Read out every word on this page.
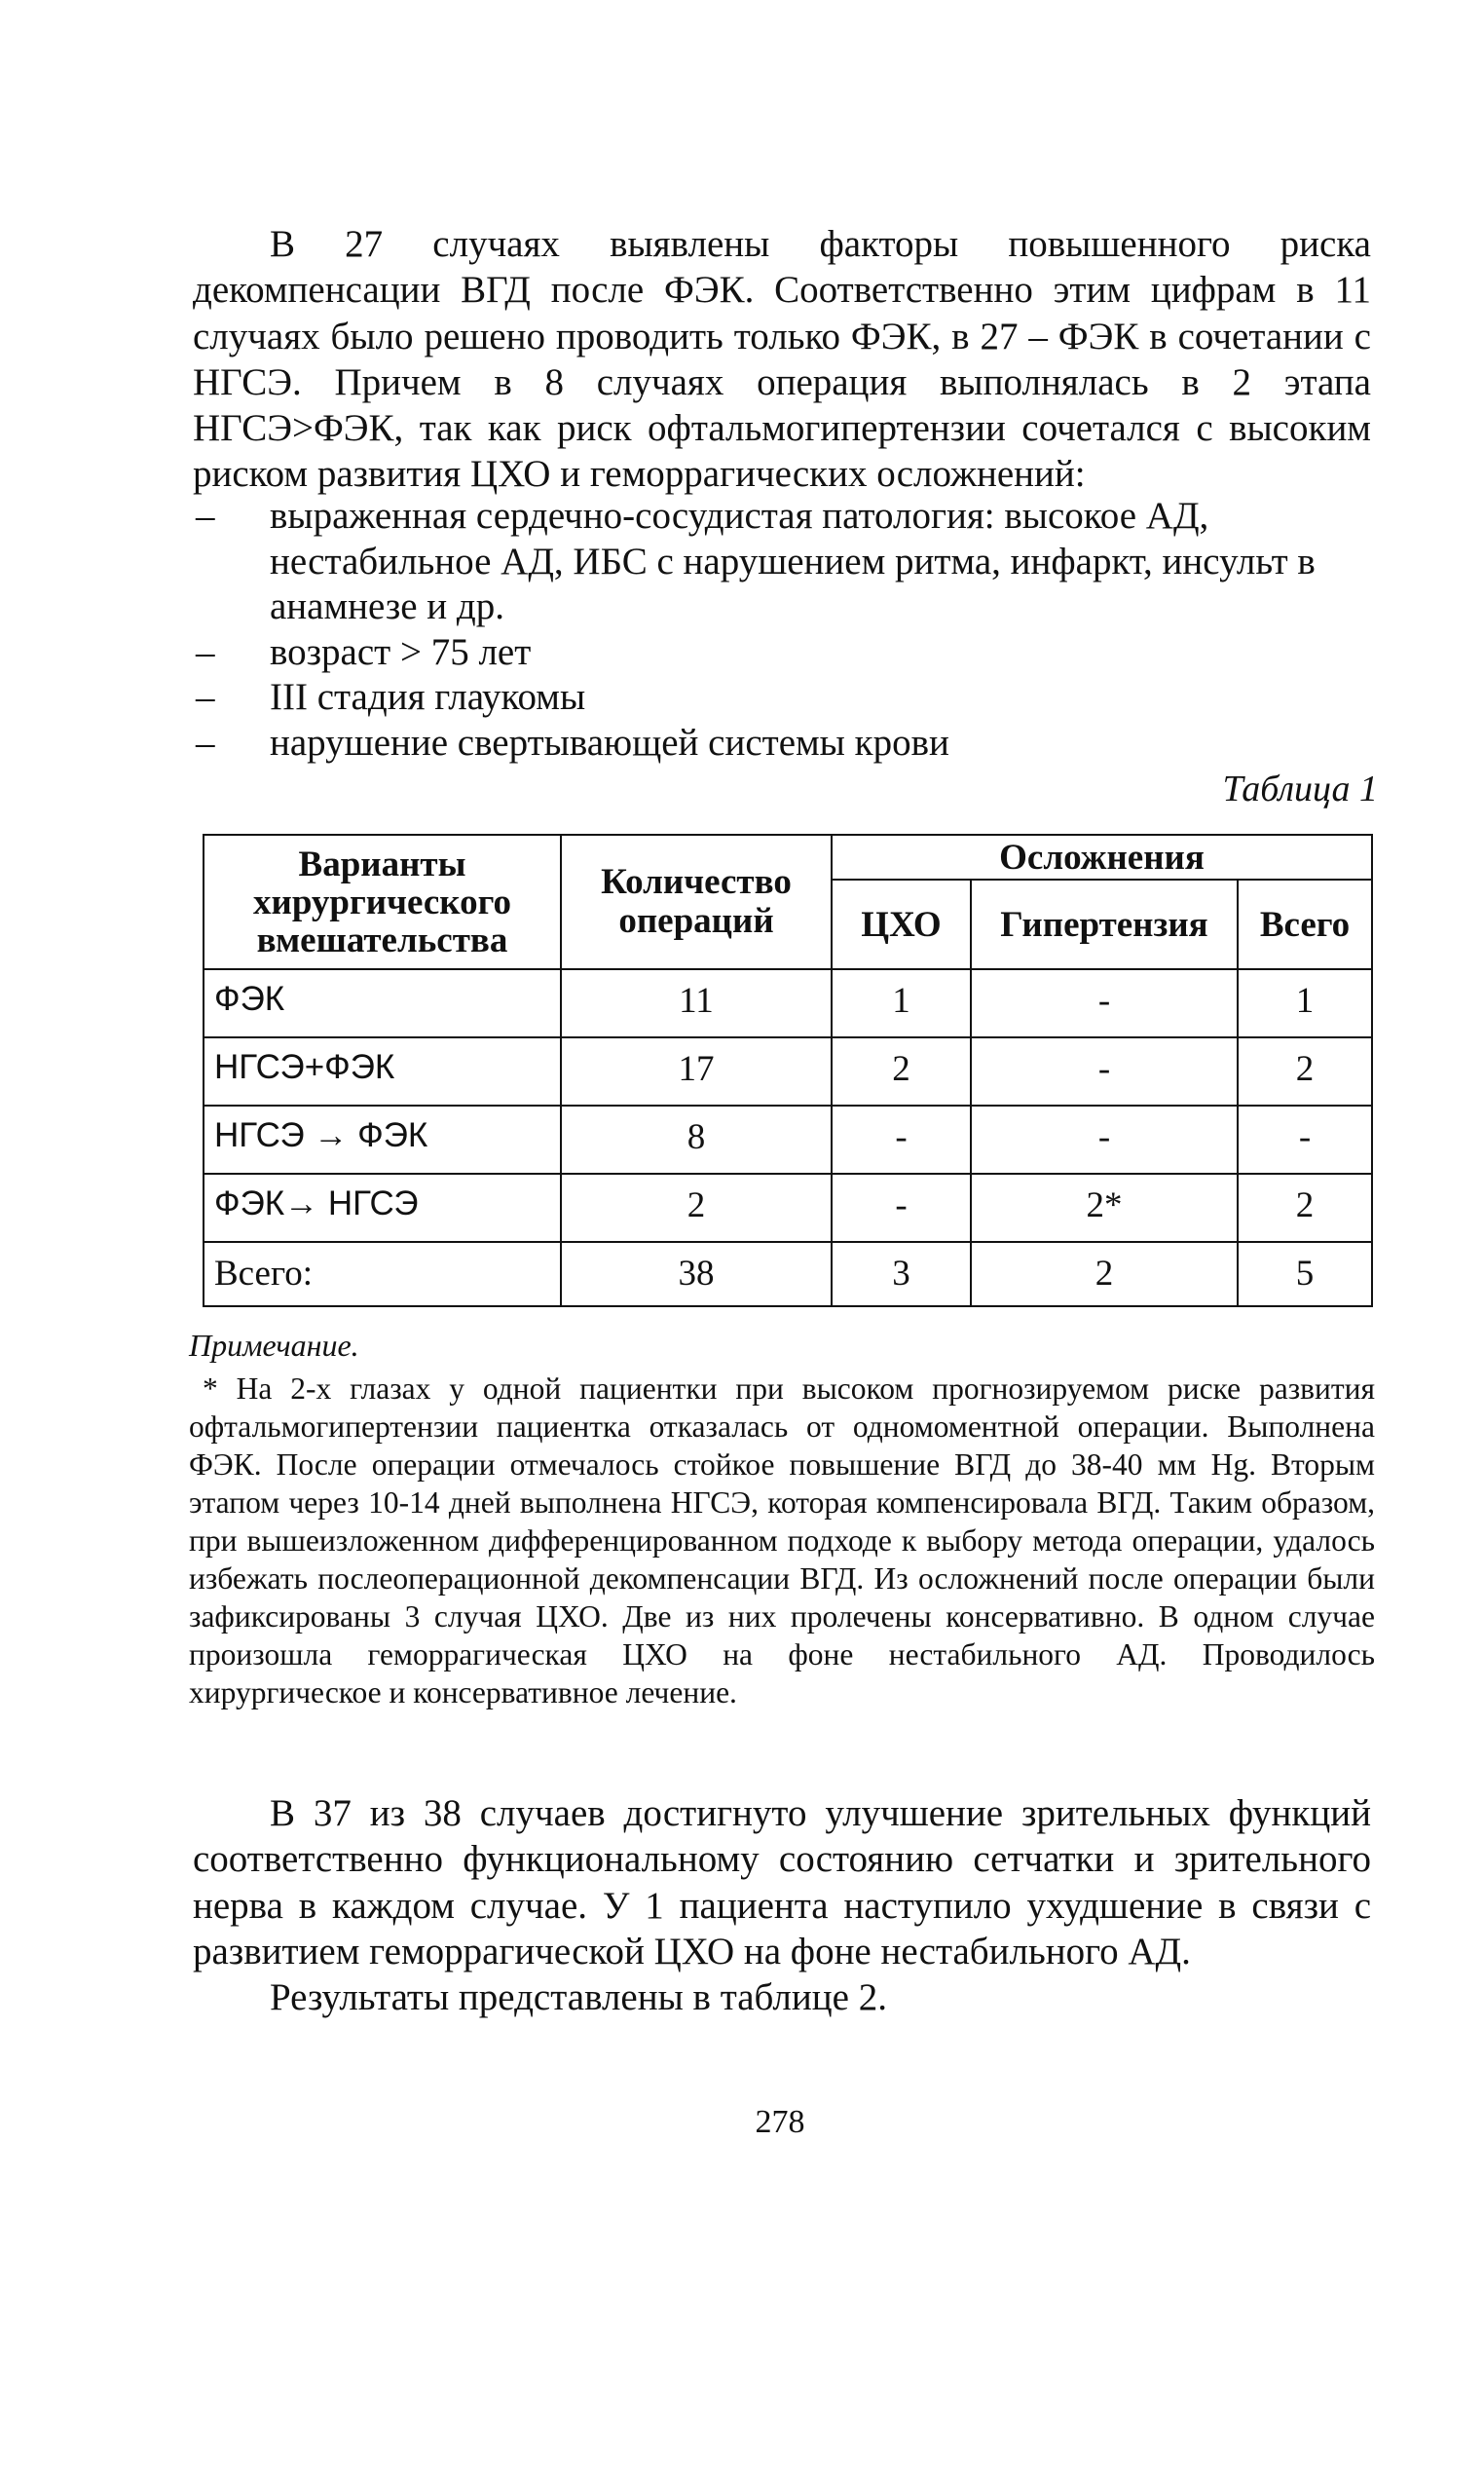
В 27 случаях выявлены факторы повышенного риска декомпенсации ВГД после ФЭК. Соответственно этим цифрам в 11 случаях было решено проводить только ФЭК, в 27 – ФЭК в сочетании с НГСЭ. Причем в 8 случаях операция выполнялась в 2 этапа НГСЭ>ФЭК, так как риск офтальмогипертензии сочетался с высоким риском развития ЦХО и геморрагических осложнений:

– выраженная сердечно-сосудистая патология: высокое АД, нестабильное АД, ИБС с нарушением ритма, инфаркт, инсульт в анамнезе и др.
– возраст > 75 лет
– III стадия глаукомы
– нарушение свертывающей системы крови
Таблица 1
Варианты хирургического вмешательства	Количество операций	Осложнения		
		ЦХО	Гипертензия	Всего
ФЭК	11	1	-	1
НГСЭ+ФЭК	17	2	-	2
НГСЭ → ФЭК	8	-	-	-
ФЭК→ НГСЭ	2	-	2*	2
Всего:	38	3	2	5
Примечание.

* На 2-х глазах у одной пациентки при высоком прогнозируемом риске развития офтальмогипертензии пациентка отказалась от одномоментной операции. Выполнена ФЭК. После операции отмечалось стойкое повышение ВГД до 38-40 мм Hg. Вторым этапом через 10-14 дней выполнена НГСЭ, которая компенсировала ВГД. Таким образом, при вышеизложенном дифференцированном подходе к выбору метода операции, удалось избежать послеоперационной декомпенсации ВГД. Из осложнений после операции были зафиксированы 3 случая ЦХО. Две из них пролечены консервативно. В одном случае произошла геморрагическая ЦХО на фоне нестабильного АД. Проводилось хирургическое и консервативное лечение.

В 37 из 38 случаев достигнуто улучшение зрительных функций соответственно функциональному состоянию сетчатки и зрительного нерва в каждом случае. У 1 пациента наступило ухудшение в связи с развитием геморрагической ЦХО на фоне нестабильного АД.

Результаты представлены в таблице 2.

278
